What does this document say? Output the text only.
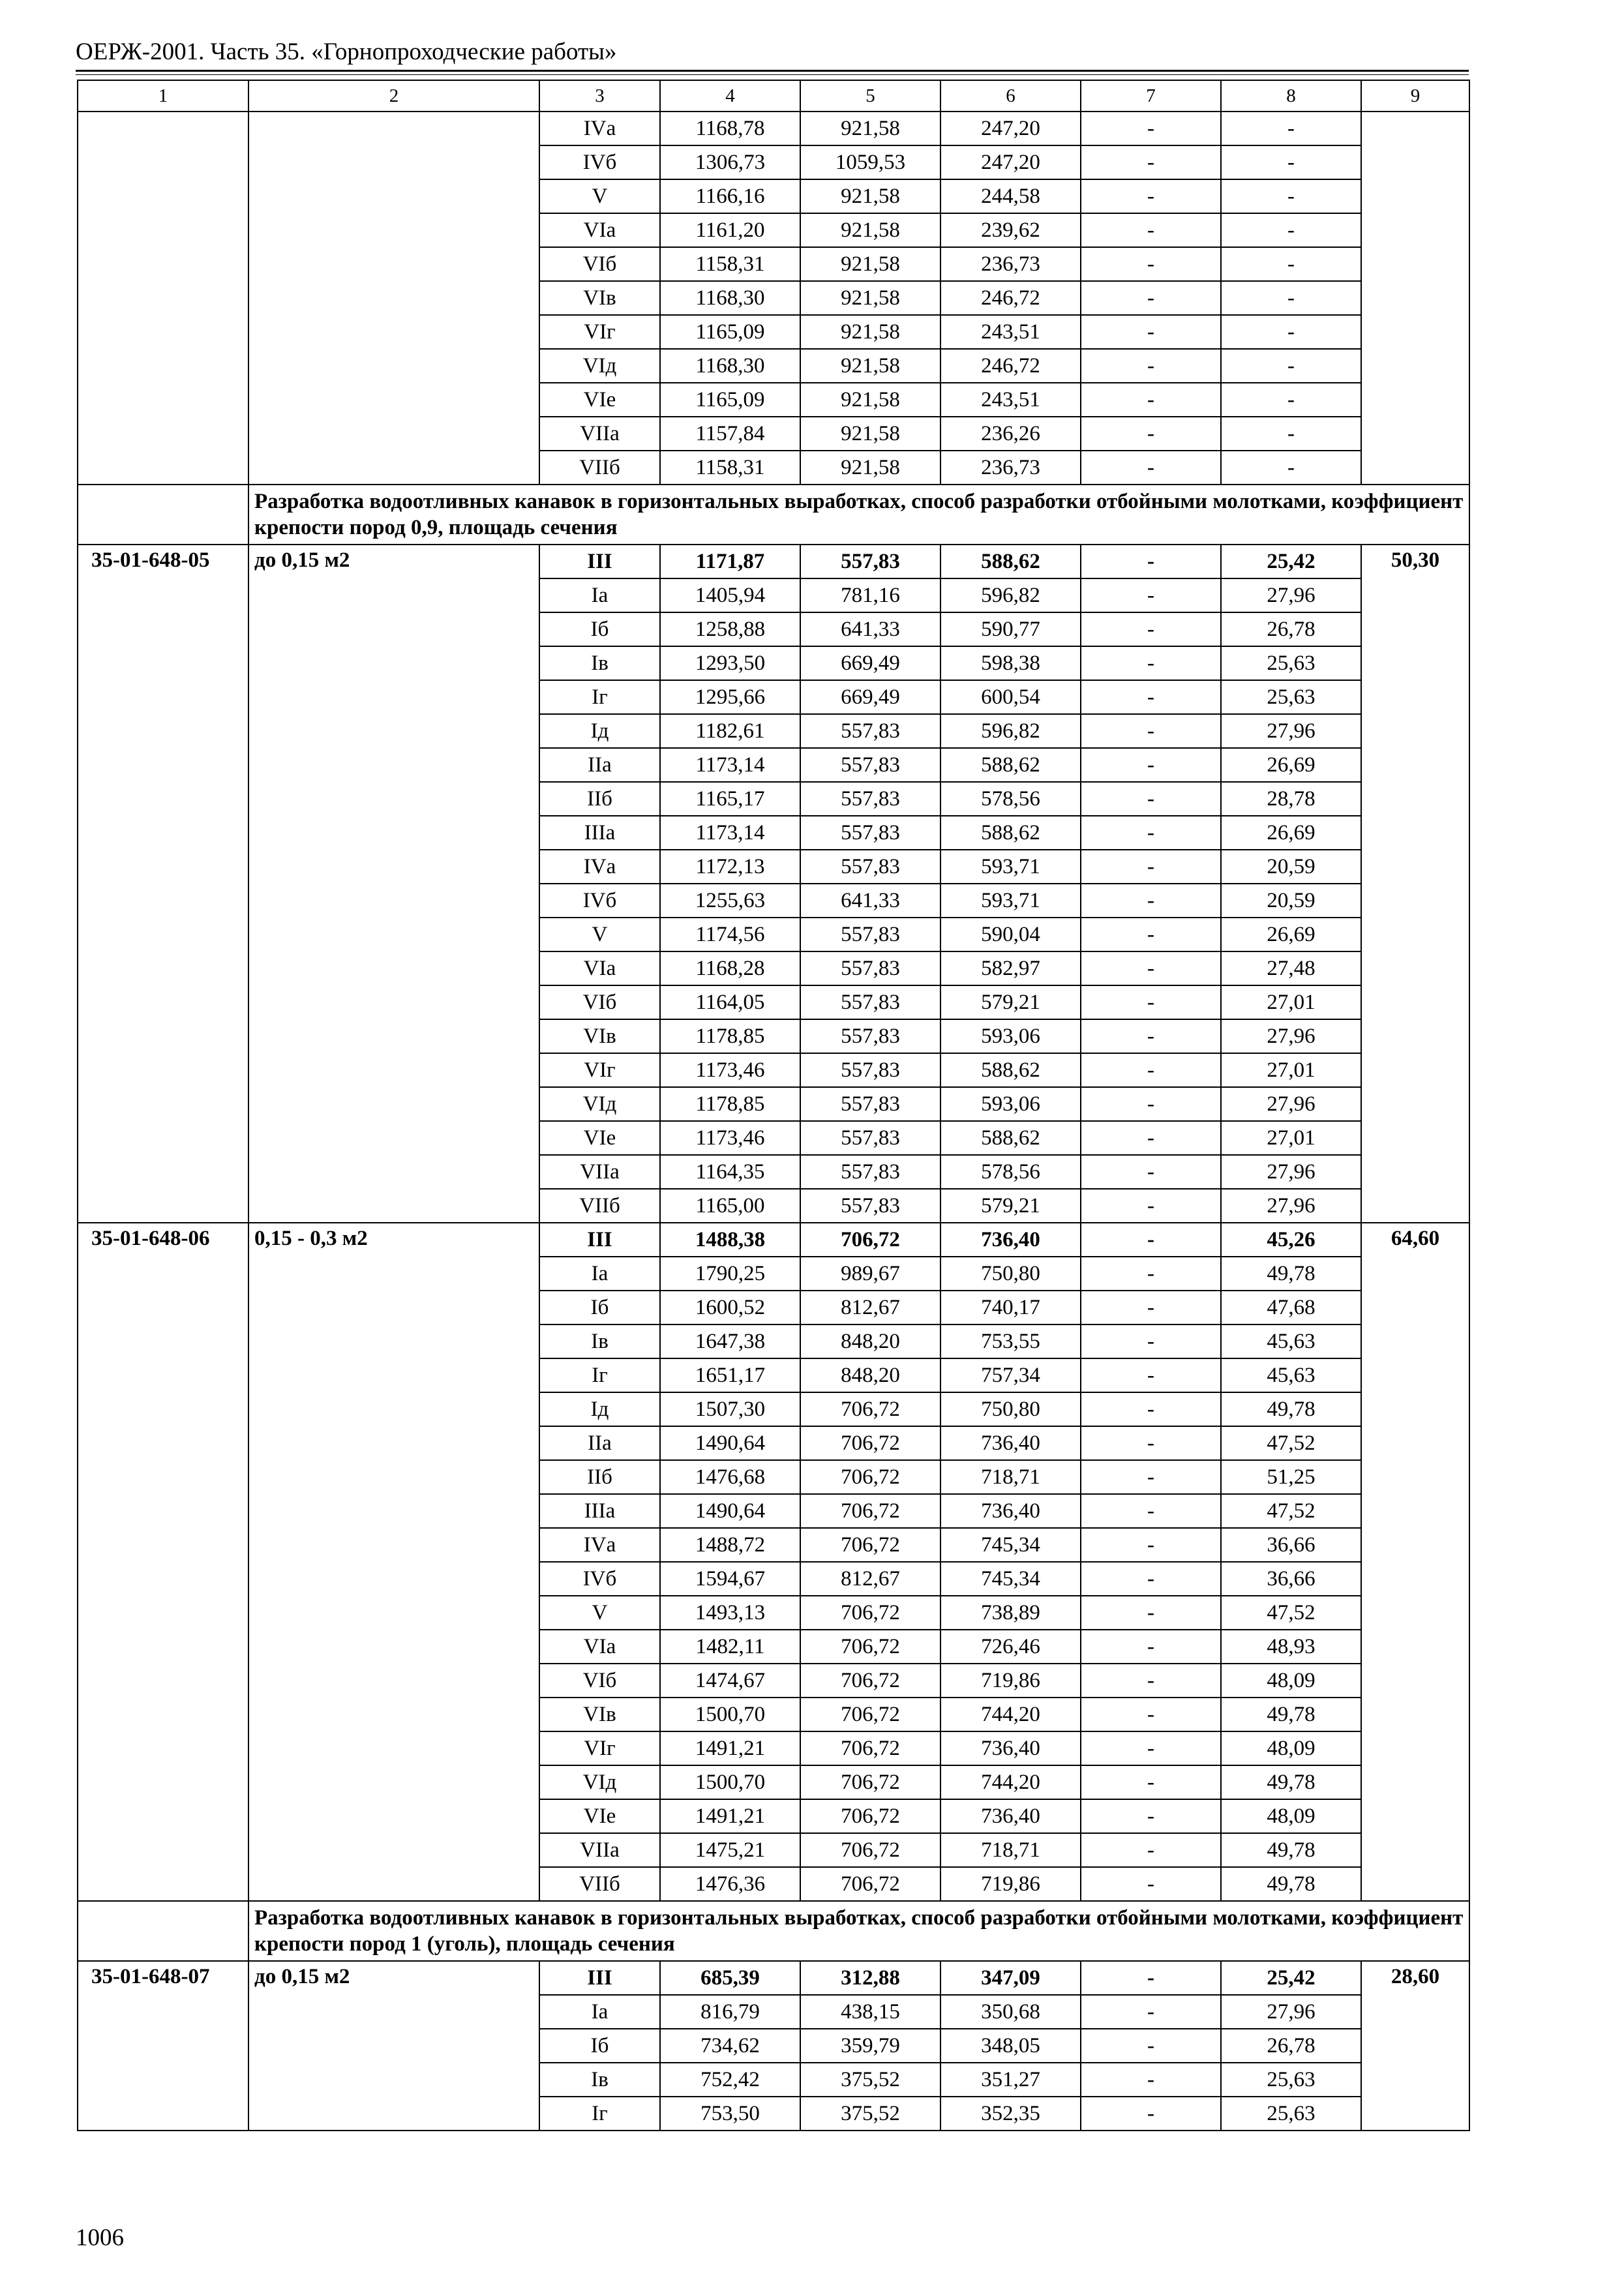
ОЕРЖ-2001. Часть 35. «Горнопроходческие работы»
1	2	3	4	5	6	7	8	9
		IVа	1168,78	921,58	247,20	-	-	
		IVб	1306,73	1059,53	247,20	-	-	
		V	1166,16	921,58	244,58	-	-	
		VIа	1161,20	921,58	239,62	-	-	
		VIб	1158,31	921,58	236,73	-	-	
		VIв	1168,30	921,58	246,72	-	-	
		VIг	1165,09	921,58	243,51	-	-	
		VIд	1168,30	921,58	246,72	-	-	
		VIе	1165,09	921,58	243,51	-	-	
		VIIа	1157,84	921,58	236,26	-	-	
		VIIб	1158,31	921,58	236,73	-	-	
	Разработка водоотливных канавок в горизонтальных выработках, способ разработки отбойными молотками, коэффициент крепости пород 0,9, площадь сечения							
35-01-648-05	до 0,15 м2	III	1171,87	557,83	588,62	-	25,42	50,30
		Iа	1405,94	781,16	596,82	-	27,96	
		Iб	1258,88	641,33	590,77	-	26,78	
		Iв	1293,50	669,49	598,38	-	25,63	
		Iг	1295,66	669,49	600,54	-	25,63	
		Iд	1182,61	557,83	596,82	-	27,96	
		IIа	1173,14	557,83	588,62	-	26,69	
		IIб	1165,17	557,83	578,56	-	28,78	
		IIIа	1173,14	557,83	588,62	-	26,69	
		IVа	1172,13	557,83	593,71	-	20,59	
		IVб	1255,63	641,33	593,71	-	20,59	
		V	1174,56	557,83	590,04	-	26,69	
		VIа	1168,28	557,83	582,97	-	27,48	
		VIб	1164,05	557,83	579,21	-	27,01	
		VIв	1178,85	557,83	593,06	-	27,96	
		VIг	1173,46	557,83	588,62	-	27,01	
		VIд	1178,85	557,83	593,06	-	27,96	
		VIе	1173,46	557,83	588,62	-	27,01	
		VIIа	1164,35	557,83	578,56	-	27,96	
		VIIб	1165,00	557,83	579,21	-	27,96	
35-01-648-06	0,15 - 0,3 м2	III	1488,38	706,72	736,40	-	45,26	64,60
		Iа	1790,25	989,67	750,80	-	49,78	
		Iб	1600,52	812,67	740,17	-	47,68	
		Iв	1647,38	848,20	753,55	-	45,63	
		Iг	1651,17	848,20	757,34	-	45,63	
		Iд	1507,30	706,72	750,80	-	49,78	
		IIа	1490,64	706,72	736,40	-	47,52	
		IIб	1476,68	706,72	718,71	-	51,25	
		IIIа	1490,64	706,72	736,40	-	47,52	
		IVа	1488,72	706,72	745,34	-	36,66	
		IVб	1594,67	812,67	745,34	-	36,66	
		V	1493,13	706,72	738,89	-	47,52	
		VIа	1482,11	706,72	726,46	-	48,93	
		VIб	1474,67	706,72	719,86	-	48,09	
		VIв	1500,70	706,72	744,20	-	49,78	
		VIг	1491,21	706,72	736,40	-	48,09	
		VIд	1500,70	706,72	744,20	-	49,78	
		VIе	1491,21	706,72	736,40	-	48,09	
		VIIа	1475,21	706,72	718,71	-	49,78	
		VIIб	1476,36	706,72	719,86	-	49,78	
	Разработка водоотливных канавок в горизонтальных выработках, способ разработки отбойными молотками, коэффициент крепости пород 1 (уголь), площадь сечения							
35-01-648-07	до 0,15 м2	III	685,39	312,88	347,09	-	25,42	28,60
		Iа	816,79	438,15	350,68	-	27,96	
		Iб	734,62	359,79	348,05	-	26,78	
		Iв	752,42	375,52	351,27	-	25,63	
		Iг	753,50	375,52	352,35	-	25,63	
1006
